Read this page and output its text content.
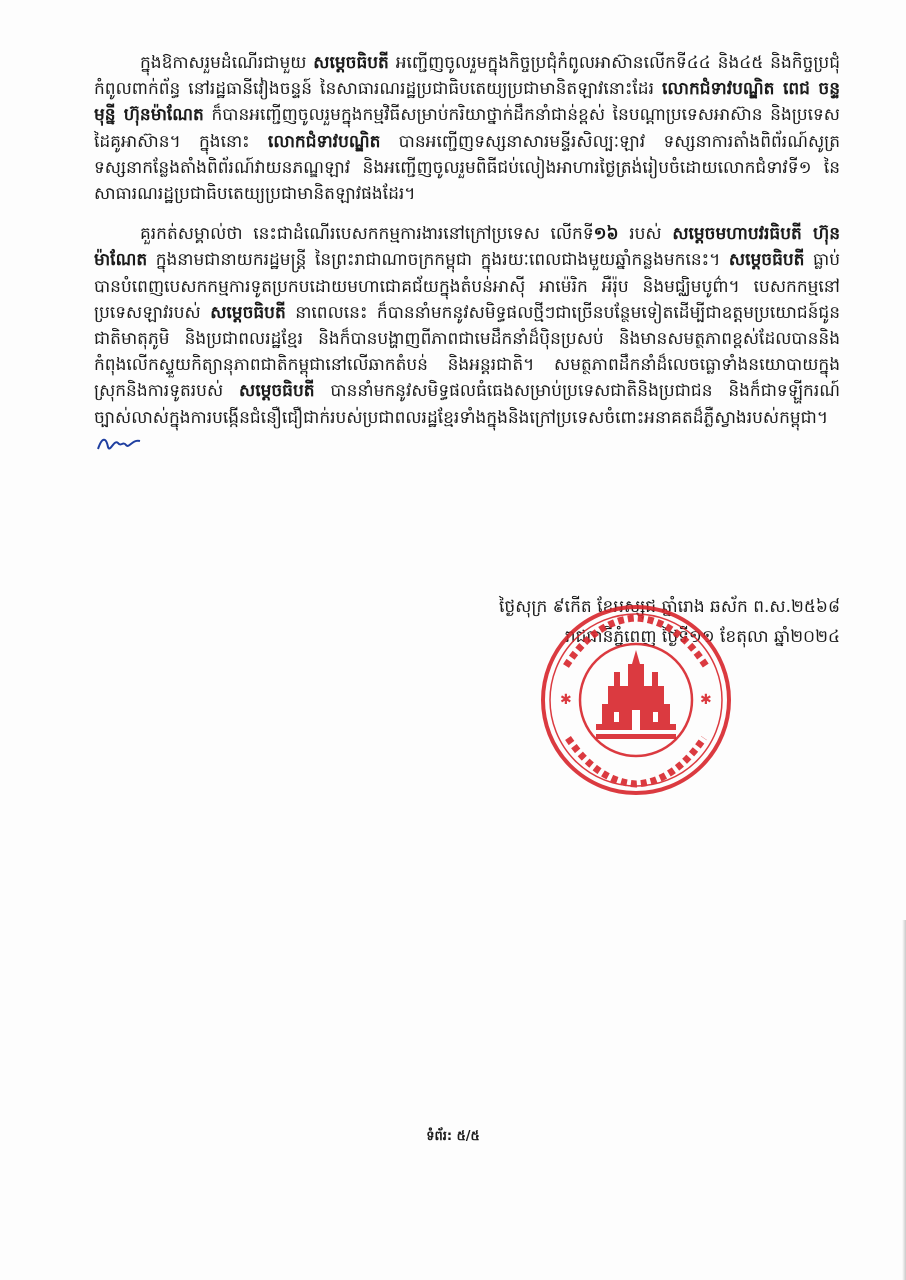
ក្នុងឱកាសរួមដំណើរជាមួយ សម្តេចធិបតី អញ្ជើញចូលរួមក្នុងកិច្ចប្រជុំកំពូលអាស៊ានលើកទី៤៤ និង៤៥ និងកិច្ចប្រជុំកំពូលពាក់ព័ន្ធ នៅរដ្ឋធានីវៀងចន្ទន៍ នៃសាធារណរដ្ឋប្រជាធិបតេយ្យប្រជាមានិតឡាវនោះដែរ លោកជំទាវបណ្ឌិត ពេជ ចន្ទមុន្នី ហ៊ុនម៉ាណែត ក៏បានអញ្ជើញចូលរួមក្នុងកម្មវិធីសម្រាប់ករិយាថ្នាក់ដឹកនាំជាន់ខ្ពស់ នៃបណ្តាប្រទេសអាស៊ាន និងប្រទេសដៃគូអាស៊ាន។ ក្នុងនោះ លោកជំទាវបណ្ឌិត បានអញ្ជើញទស្សនាសារមន្ទីរសិល្បៈឡាវ ទស្សនាការតាំងពិព័រណ៍សូត្រ ទស្សនាកន្លែងតាំងពិព័រណ៍វាយនភណ្ឌឡាវ និងអញ្ជើញចូលរួមពិធីជប់លៀងអាហារថ្ងៃត្រង់រៀបចំដោយលោកជំទាវទី១ នៃសាធារណរដ្ឋប្រជាធិបតេយ្យប្រជាមានិតឡាវផងដែរ។

គួរកត់សម្គាល់ថា នេះជាដំណើរបេសកកម្មការងារនៅក្រៅប្រទេស លើកទី១៦ របស់ សម្តេចមហាបវរធិបតី ហ៊ុន ម៉ាណែត ក្នុងនាមជានាយករដ្ឋមន្ត្រី នៃព្រះរាជាណាចក្រកម្ពុជា ក្នុងរយៈពេលជាងមួយឆ្នាំកន្លងមកនេះ។ សម្តេចធិបតី ធ្លាប់បានបំពេញបេសកកម្មការទូតប្រកបដោយមហាជោគជ័យក្នុងតំបន់អាស៊ី អាម៉េរិក អឺរ៉ុប និងមជ្ឈិមបូព៌ា។ បេសកកម្មនៅប្រទេសឡាវរបស់ សម្តេចធិបតី នាពេលនេះ ក៏បាននាំមកនូវសមិទ្ធផលថ្មីៗជាច្រើនបន្ថែមទៀតដើម្បីជាឧត្តមប្រយោជន៍ជូនជាតិមាតុភូមិ និងប្រជាពលរដ្ឋខ្មែរ និងក៏បានបង្ហាញពីភាពជាមេដឹកនាំដ៏ប៉ិនប្រសប់ និងមានសមត្ថភាពខ្ពស់ដែលបាននិងកំពុងលើកស្ទួយកិត្យានុភាពជាតិកម្ពុជានៅលើឆាកតំបន់ និងអន្តរជាតិ។ សមត្ថភាពដឹកនាំដ៏លេចធ្លោទាំងនយោបាយក្នុងស្រុកនិងការទូតរបស់ សម្តេចធិបតី បាននាំមកនូវសមិទ្ធផលធំធេងសម្រាប់ប្រទេសជាតិនិងប្រជាជន និងក៏ជាទឡ្ហីករណ៍ច្បាស់លាស់ក្នុងការបង្កើនជំនឿជឿជាក់របស់ប្រជាពលរដ្ឋខ្មែរទាំងក្នុងនិងក្រៅប្រទេសចំពោះអនាគតដ៏ភ្លឺស្វាងរបស់កម្ពុជា។

ថ្ងៃសុក្រ ៩កើត ខែអស្សុជ ឆ្នាំរោង ឆស័ក ព.ស.២៥៦៨
រាជធានីភ្នំពេញ ថ្ងៃទី១១ ខែតុលា ឆ្នាំ២០២៤
✱	✱
ទំព័រ: ៥/៥
